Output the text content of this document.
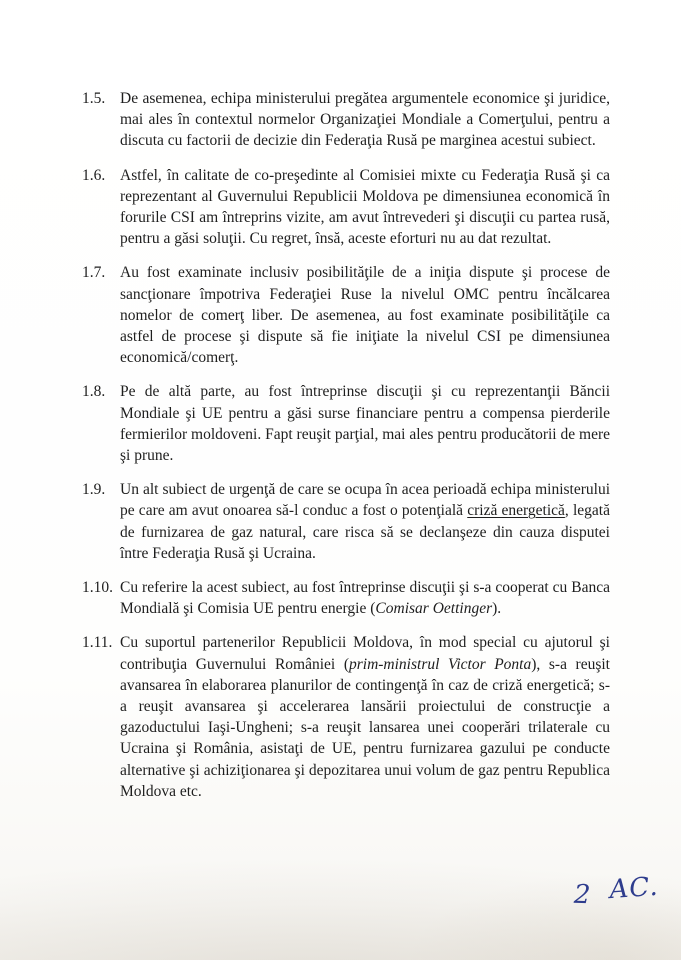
1.5. De asemenea, echipa ministerului pregătea argumentele economice şi juridice, mai ales în contextul normelor Organizaţiei Mondiale a Comerţului, pentru a discuta cu factorii de decizie din Federaţia Rusă pe marginea acestui subiect.

1.6. Astfel, în calitate de co-preşedinte al Comisiei mixte cu Federaţia Rusă şi ca reprezentant al Guvernului Republicii Moldova pe dimensiunea economică în forurile CSI am întreprins vizite, am avut întrevederi şi discuţii cu partea rusă, pentru a găsi soluţii. Cu regret, însă, aceste eforturi nu au dat rezultat.

1.7. Au fost examinate inclusiv posibilităţile de a iniţia dispute şi procese de sancţionare împotriva Federaţiei Ruse la nivelul OMC pentru încălcarea nomelor de comerţ liber. De asemenea, au fost examinate posibilităţile ca astfel de procese şi dispute să fie iniţiate la nivelul CSI pe dimensiunea economică/comerţ.

1.8. Pe de altă parte, au fost întreprinse discuţii şi cu reprezentanţii Băncii Mondiale şi UE pentru a găsi surse financiare pentru a compensa pierderile fermierilor moldoveni. Fapt reuşit parţial, mai ales pentru producătorii de mere şi prune.

1.9. Un alt subiect de urgenţă de care se ocupa în acea perioadă echipa ministerului pe care am avut onoarea să-l conduc a fost o potenţială criză energetică, legată de furnizarea de gaz natural, care risca să se declanşeze din cauza disputei între Federaţia Rusă şi Ucraina.

1.10. Cu referire la acest subiect, au fost întreprinse discuţii şi s-a cooperat cu Banca Mondială şi Comisia UE pentru energie (Comisar Oettinger).

1.11. Cu suportul partenerilor Republicii Moldova, în mod special cu ajutorul şi contribuţia Guvernului României (prim-ministrul Victor Ponta), s-a reuşit avansarea în elaborarea planurilor de contingenţă în caz de criză energetică; s-a reuşit avansarea şi accelerarea lansării proiectului de construcţie a gazoductului Iaşi-Ungheni; s-a reuşit lansarea unei cooperări trilaterale cu Ucraina şi România, asistaţi de UE, pentru furnizarea gazului pe conducte alternative şi achiziţionarea şi depozitarea unui volum de gaz pentru Republica Moldova etc.

2 AC.
